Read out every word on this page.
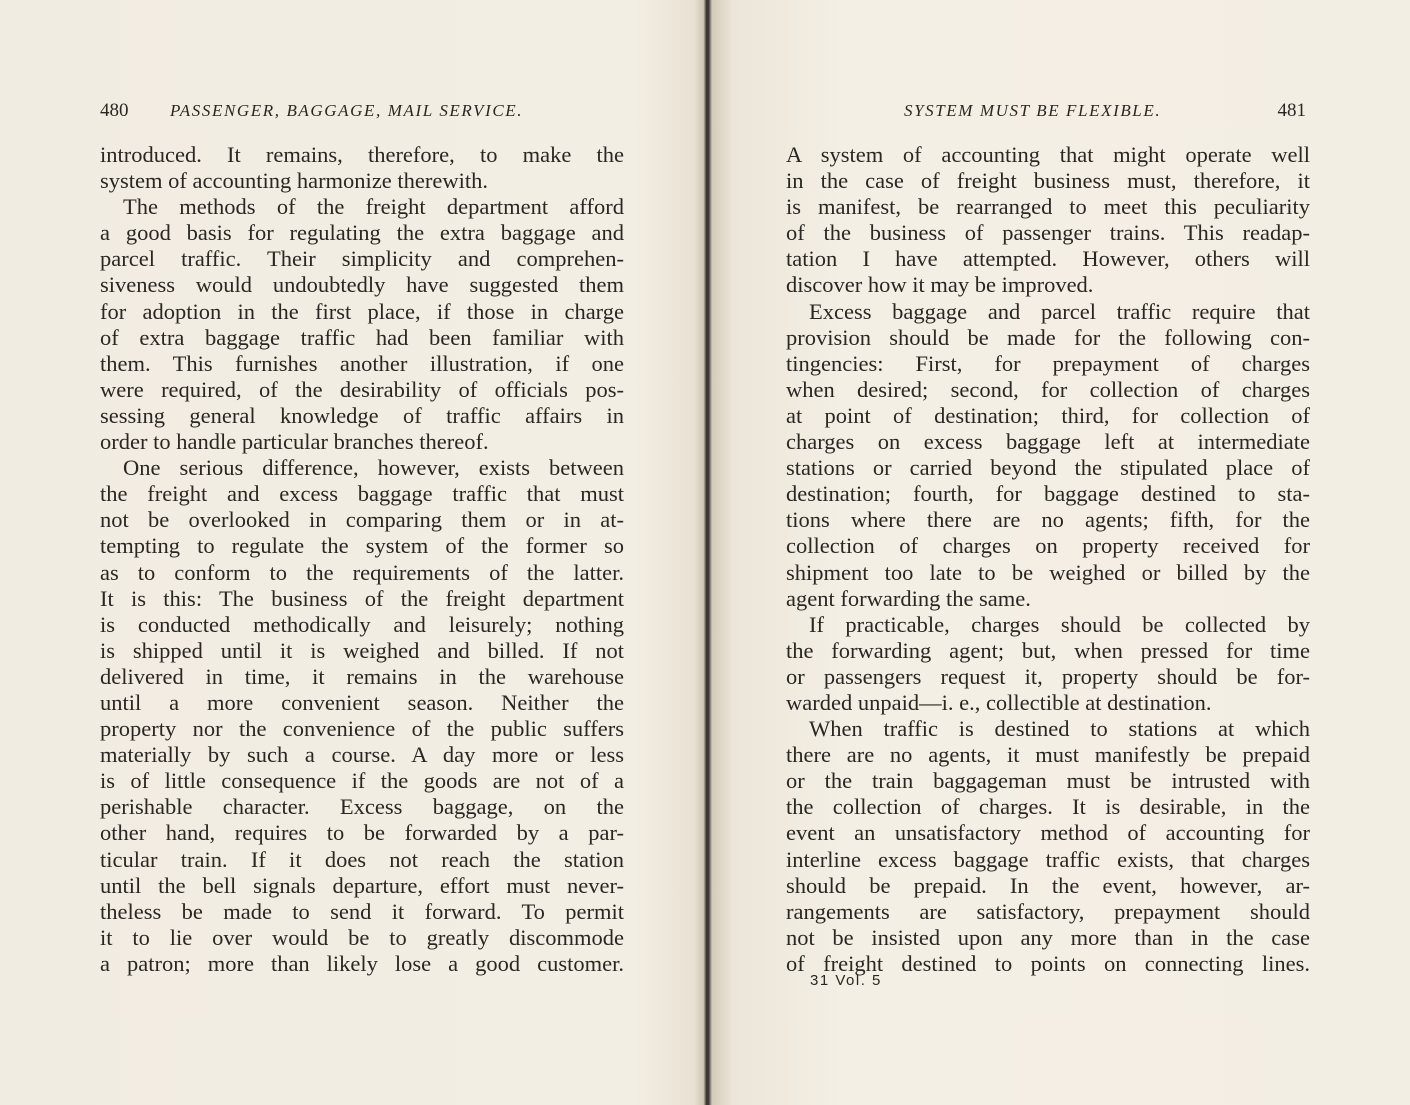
480 PASSENGER, BAGGAGE, MAIL SERVICE.
introduced. It remains, therefore, to make the
system of accounting harmonize therewith.
The methods of the freight department afford
a good basis for regulating the extra baggage and
parcel traffic. Their simplicity and comprehen-
siveness would undoubtedly have suggested them
for adoption in the first place, if those in charge
of extra baggage traffic had been familiar with
them. This furnishes another illustration, if one
were required, of the desirability of officials pos-
sessing general knowledge of traffic affairs in
order to handle particular branches thereof.
One serious difference, however, exists between
the freight and excess baggage traffic that must
not be overlooked in comparing them or in at-
tempting to regulate the system of the former so
as to conform to the requirements of the latter.
It is this: The business of the freight department
is conducted methodically and leisurely; nothing
is shipped until it is weighed and billed. If not
delivered in time, it remains in the warehouse
until a more convenient season. Neither the
property nor the convenience of the public suffers
materially by such a course. A day more or less
is of little consequence if the goods are not of a
perishable character. Excess baggage, on the
other hand, requires to be forwarded by a par-
ticular train. If it does not reach the station
until the bell signals departure, effort must never-
theless be made to send it forward. To permit
it to lie over would be to greatly discommode
a patron; more than likely lose a good customer.
SYSTEM MUST BE FLEXIBLE.	481
A system of accounting that might operate well
in the case of freight business must, therefore, it
is manifest, be rearranged to meet this peculiarity
of the business of passenger trains. This readap-
tation I have attempted. However, others will
discover how it may be improved.
Excess baggage and parcel traffic require that
provision should be made for the following con-
tingencies: First, for prepayment of charges
when desired; second, for collection of charges
at point of destination; third, for collection of
charges on excess baggage left at intermediate
stations or carried beyond the stipulated place of
destination; fourth, for baggage destined to sta-
tions where there are no agents; fifth, for the
collection of charges on property received for
shipment too late to be weighed or billed by the
agent forwarding the same.
If practicable, charges should be collected by
the forwarding agent; but, when pressed for time
or passengers request it, property should be for-
warded unpaid—i. e., collectible at destination.
When traffic is destined to stations at which
there are no agents, it must manifestly be prepaid
or the train baggageman must be intrusted with
the collection of charges. It is desirable, in the
event an unsatisfactory method of accounting for
interline excess baggage traffic exists, that charges
should be prepaid. In the event, however, ar-
rangements are satisfactory, prepayment should
not be insisted upon any more than in the case
of freight destined to points on connecting lines.
31 Vol. 5
